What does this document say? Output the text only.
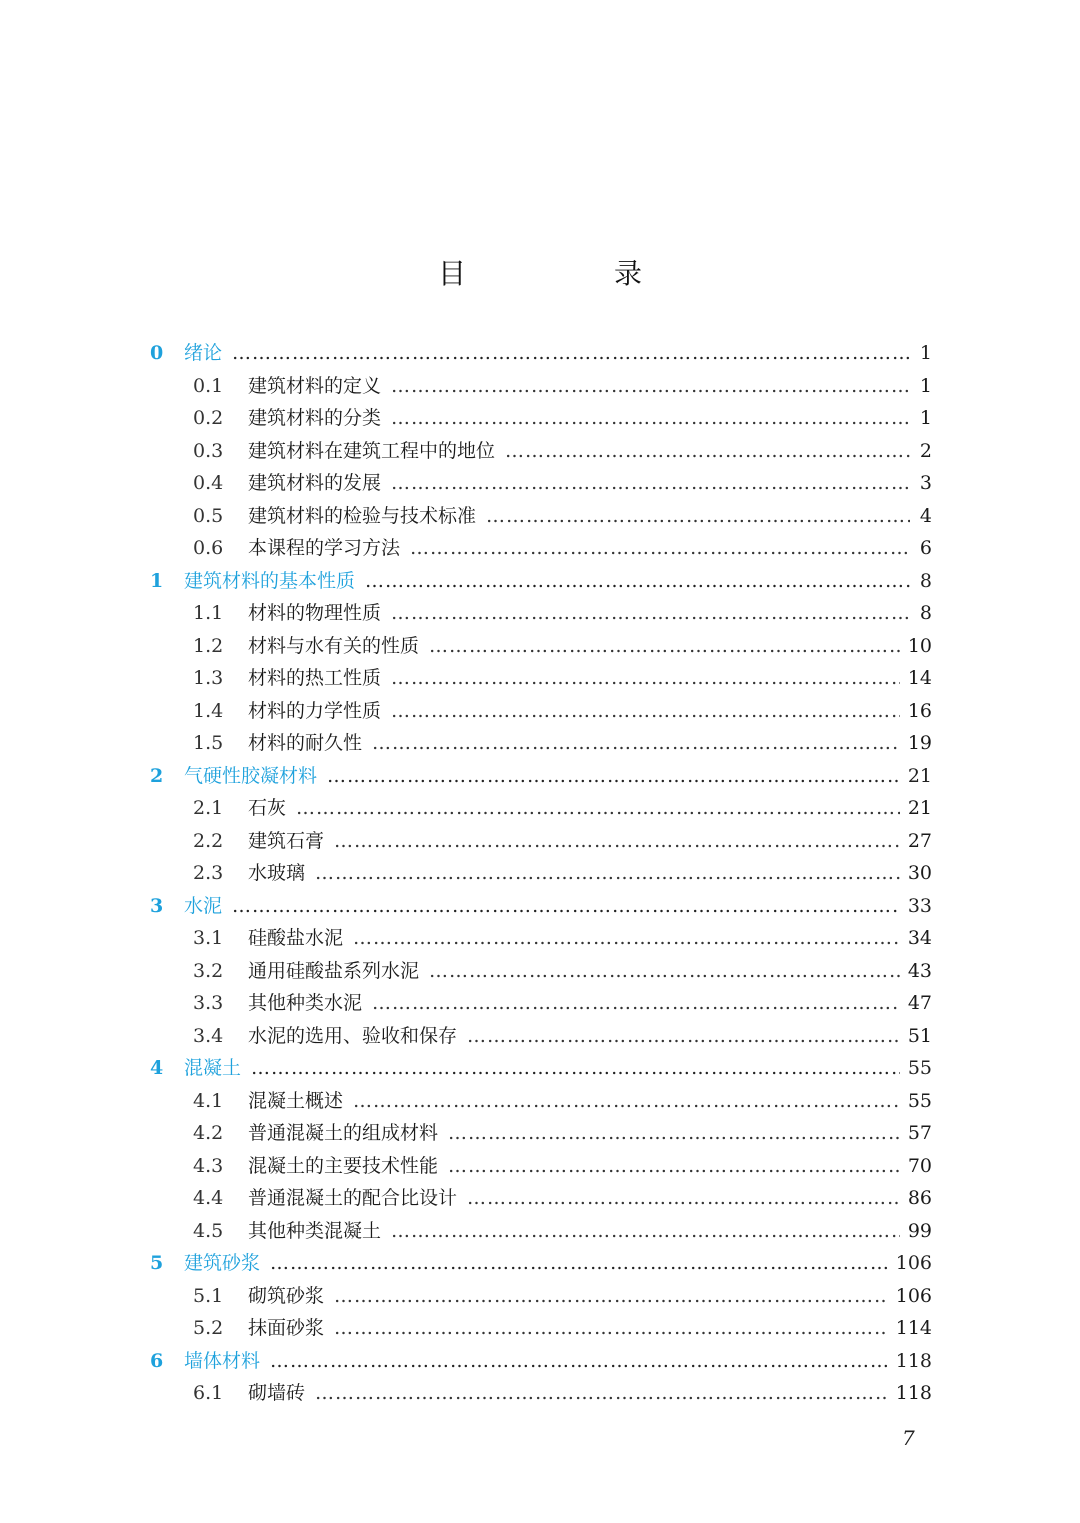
目　录
0	绪论 ………………………………………………………………………………………………………………………………………………………………………………………………………………………………………………	1
0.1	建筑材料的定义 ………………………………………………………………………………………………………………………………………………………………………………………………………………………………………………	1
0.2	建筑材料的分类 ………………………………………………………………………………………………………………………………………………………………………………………………………………………………………………	1
0.3	建筑材料在建筑工程中的地位 ………………………………………………………………………………………………………………………………………………………………………………………………………………………………………………	2
0.4	建筑材料的发展 ………………………………………………………………………………………………………………………………………………………………………………………………………………………………………………	3
0.5	建筑材料的检验与技术标准 ………………………………………………………………………………………………………………………………………………………………………………………………………………………………………………	4
0.6	本课程的学习方法 ………………………………………………………………………………………………………………………………………………………………………………………………………………………………………………	6
1	建筑材料的基本性质 ………………………………………………………………………………………………………………………………………………………………………………………………………………………………………………	8
1.1	材料的物理性质 ………………………………………………………………………………………………………………………………………………………………………………………………………………………………………………	8
1.2	材料与水有关的性质 ………………………………………………………………………………………………………………………………………………………………………………………………………………………………………………	10
1.3	材料的热工性质 ………………………………………………………………………………………………………………………………………………………………………………………………………………………………………………	14
1.4	材料的力学性质 ………………………………………………………………………………………………………………………………………………………………………………………………………………………………………………	16
1.5	材料的耐久性 ………………………………………………………………………………………………………………………………………………………………………………………………………………………………………………	19
2	气硬性胶凝材料 ………………………………………………………………………………………………………………………………………………………………………………………………………………………………………………	21
2.1	石灰 ………………………………………………………………………………………………………………………………………………………………………………………………………………………………………………	21
2.2	建筑石膏 ………………………………………………………………………………………………………………………………………………………………………………………………………………………………………………	27
2.3	水玻璃 ………………………………………………………………………………………………………………………………………………………………………………………………………………………………………………	30
3	水泥 ………………………………………………………………………………………………………………………………………………………………………………………………………………………………………………	33
3.1	硅酸盐水泥 ………………………………………………………………………………………………………………………………………………………………………………………………………………………………………………	34
3.2	通用硅酸盐系列水泥 ………………………………………………………………………………………………………………………………………………………………………………………………………………………………………………	43
3.3	其他种类水泥 ………………………………………………………………………………………………………………………………………………………………………………………………………………………………………………	47
3.4	水泥的选用、验收和保存 ………………………………………………………………………………………………………………………………………………………………………………………………………………………………………………	51
4	混凝土 ………………………………………………………………………………………………………………………………………………………………………………………………………………………………………………	55
4.1	混凝土概述 ………………………………………………………………………………………………………………………………………………………………………………………………………………………………………………	55
4.2	普通混凝土的组成材料 ………………………………………………………………………………………………………………………………………………………………………………………………………………………………………………	57
4.3	混凝土的主要技术性能 ………………………………………………………………………………………………………………………………………………………………………………………………………………………………………………	70
4.4	普通混凝土的配合比设计 ………………………………………………………………………………………………………………………………………………………………………………………………………………………………………………	86
4.5	其他种类混凝土 ………………………………………………………………………………………………………………………………………………………………………………………………………………………………………………	99
5	建筑砂浆 ………………………………………………………………………………………………………………………………………………………………………………………………………………………………………………	106
5.1	砌筑砂浆 ………………………………………………………………………………………………………………………………………………………………………………………………………………………………………………	106
5.2	抹面砂浆 ………………………………………………………………………………………………………………………………………………………………………………………………………………………………………………	114
6	墙体材料 ………………………………………………………………………………………………………………………………………………………………………………………………………………………………………………	118
6.1	砌墙砖 ………………………………………………………………………………………………………………………………………………………………………………………………………………………………………………	118
7
